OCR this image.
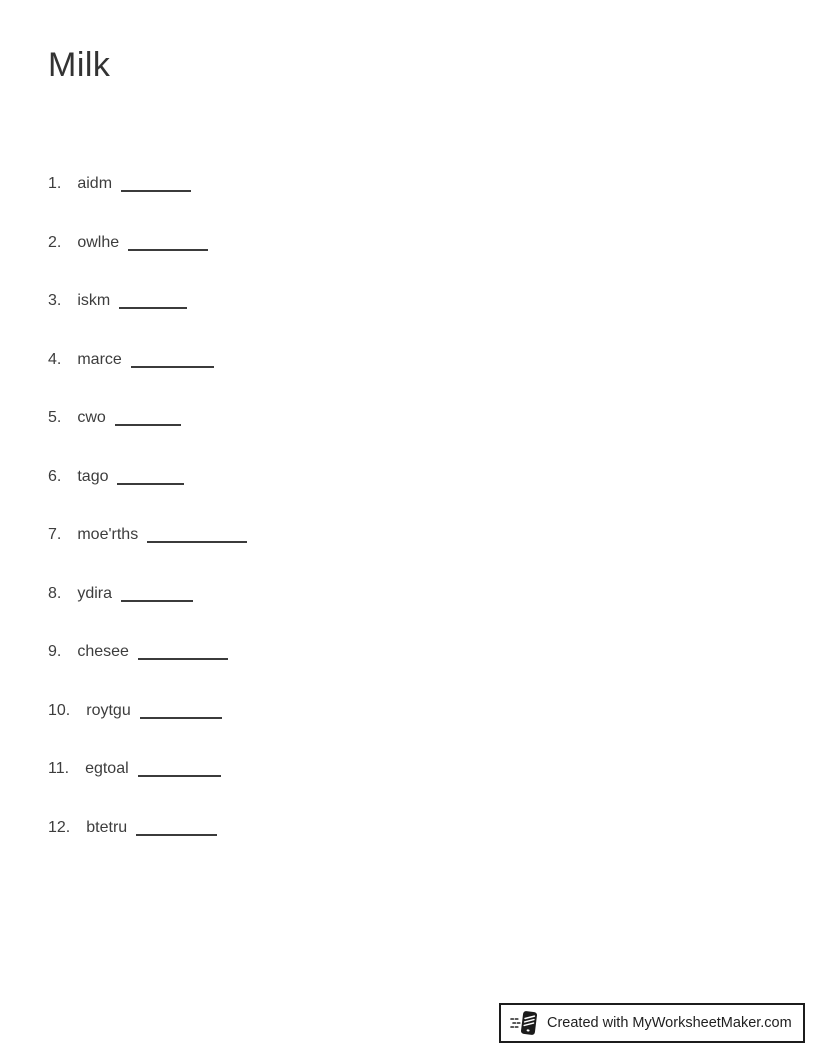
Milk
1. aidm
2. owlhe
3. iskm
4. marce
5. cwo
6. tago
7. moe'rths
8. ydira
9. chesee
10. roytgu
11. egtoal
12. btetru
Created with MyWorksheetMaker.com
